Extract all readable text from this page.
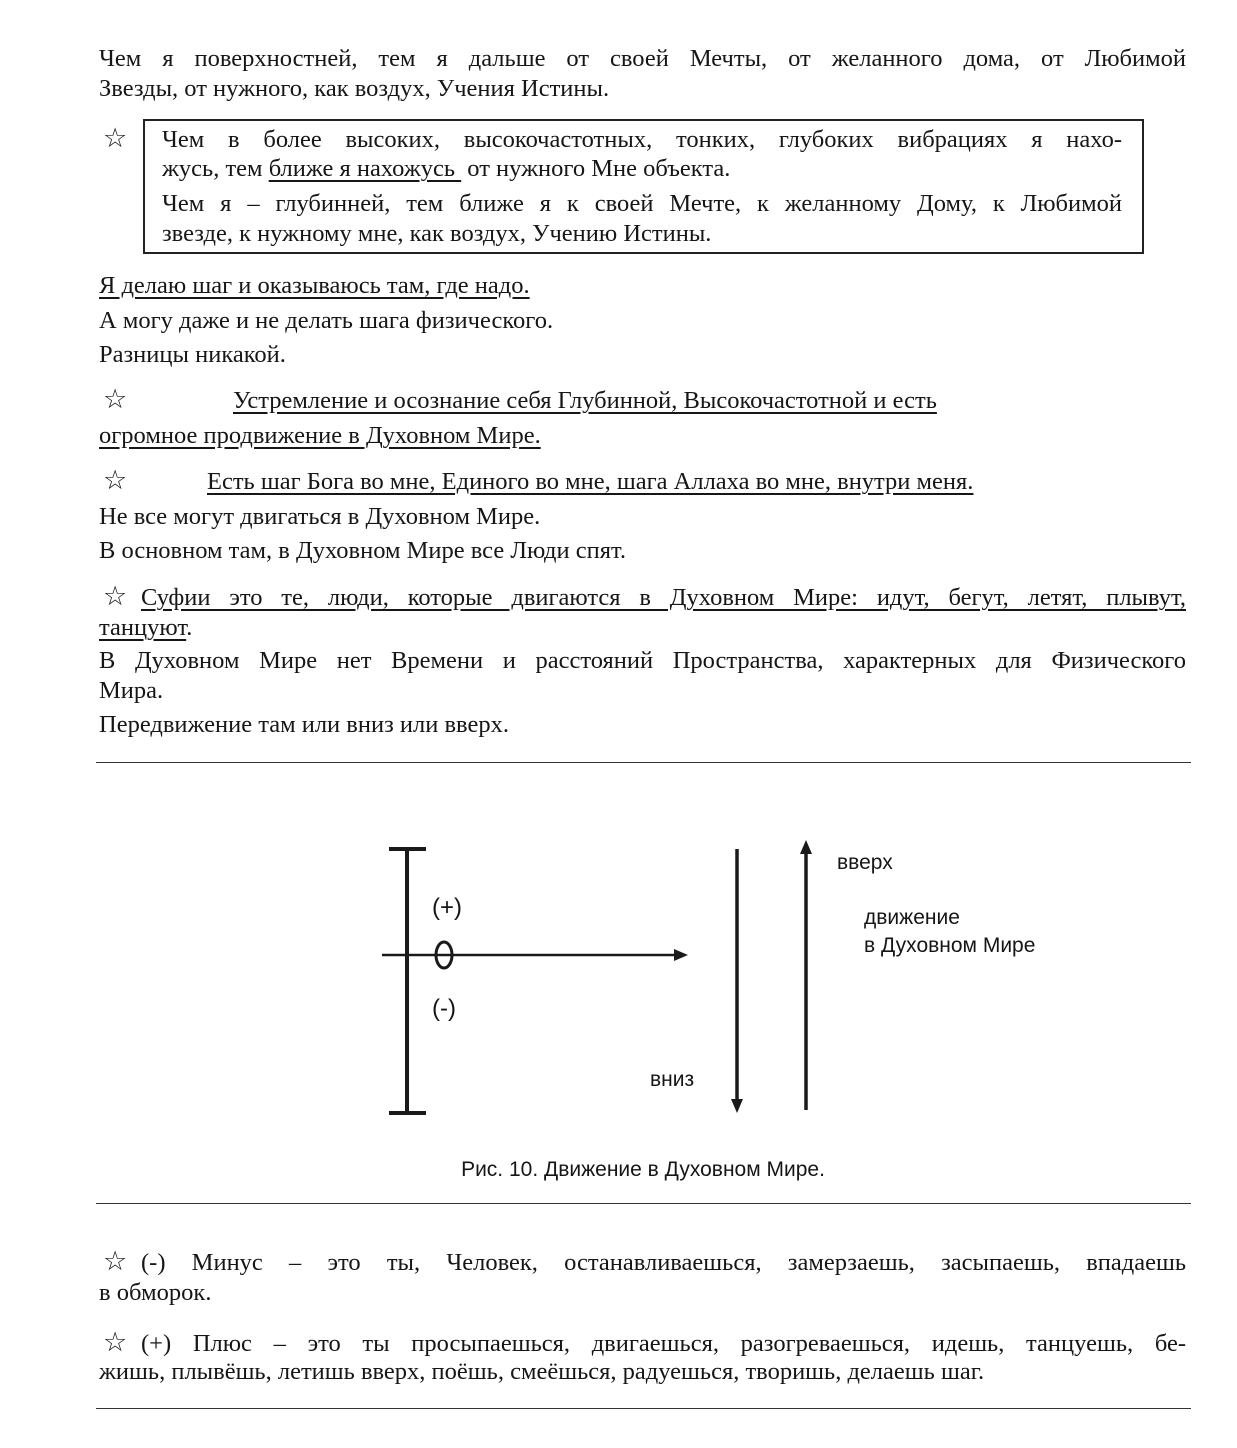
Чем я поверхностней, тем я дальше от своей Мечты, от желанного дома, от Любимой
Звезды, от нужного, как воздух, Учения Истины.
☆ Чем в более высоких, высокочастотных, тонких, глубоких вибрациях я нахо-
жусь, тем ближе я нахожусь  от нужного Мне объекта.
Чем я – глубинней, тем ближе я к своей Мечте, к желанному Дому, к Любимой
звезде, к нужному мне, как воздух, Учению Истины.
Я делаю шаг и оказываюсь там, где надо.
А могу даже и не делать шага физического.
Разницы никакой.
☆	Устремление и осознание себя Глубинной, Высокочастотной и есть
огромное продвижение в Духовном Мире.
☆	Есть шаг Бога во мне, Единого во мне, шага Аллаха во мне, внутри меня.
Не все могут двигаться в Духовном Мире.
В основном там, в Духовном Мире все Люди спят.
☆ Суфии это те, люди, которые двигаются в Духовном Мире: идут, бегут, летят, плывут,
танцуют.
В Духовном Мире нет Времени и расстояний Пространства, характерных для Физического
Мира.
Передвижение там или вниз или вверх.
(+)
(-)
вверх
вниз
движение
в Духовном Мире
Рис. 10. Движение в Духовном Мире.
☆ (-) Минус – это ты, Человек, останавливаешься, замерзаешь, засыпаешь, впадаешь
в обморок.
☆ (+) Плюс – это ты просыпаешься, двигаешься, разогреваешься, идешь, танцуешь, бе-
жишь, плывёшь, летишь вверх, поёшь, смеёшься, радуешься, творишь, делаешь шаг.
